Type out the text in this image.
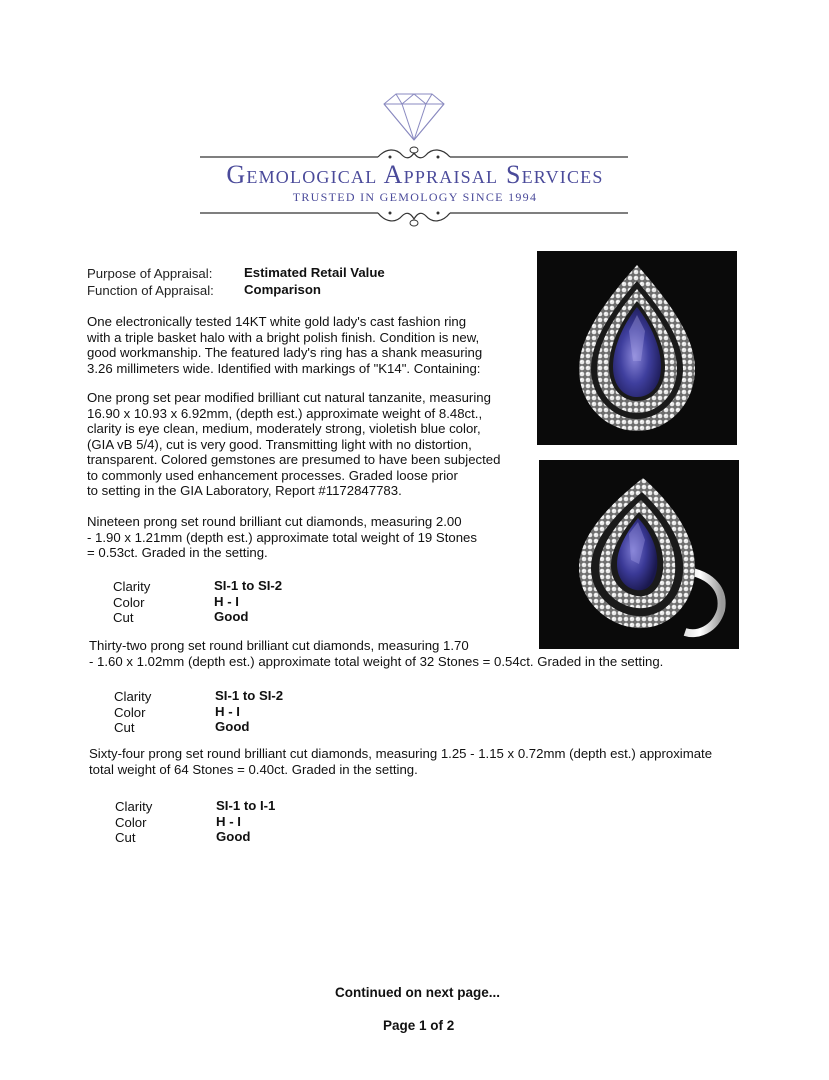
Gemological Appraisal Services
TRUSTED IN GEMOLOGY SINCE 1994
Purpose of Appraisal: Estimated Retail Value
Function of Appraisal: Comparison
One electronically tested 14KT white gold lady's cast fashion ring
with a triple basket halo with a bright polish finish. Condition is new,
good workmanship. The featured lady's ring has a shank measuring
3.26 millimeters wide. Identified with markings of "K14". Containing:
One prong set pear modified brilliant cut natural tanzanite, measuring
16.90 x 10.93 x 6.92mm, (depth est.) approximate weight of 8.48ct.,
clarity is eye clean, medium, moderately strong, violetish blue color,
(GIA vB 5/4), cut is very good. Transmitting light with no distortion,
transparent. Colored gemstones are presumed to have been subjected
to commonly used enhancement processes. Graded loose prior
to setting in the GIA Laboratory, Report #1172847783.
Nineteen prong set round brilliant cut diamonds, measuring 2.00
- 1.90 x 1.21mm (depth est.) approximate total weight of 19 Stones
= 0.53ct. Graded in the setting.
Clarity	SI-1 to SI-2
Color	H - I
Cut	Good
Thirty-two prong set round brilliant cut diamonds, measuring 1.70
- 1.60 x 1.02mm (depth est.) approximate total weight of 32 Stones = 0.54ct. Graded in the setting.
Clarity	SI-1 to SI-2
Color	H - I
Cut	Good
Sixty-four prong set round brilliant cut diamonds, measuring 1.25 - 1.15 x 0.72mm (depth est.) approximate
total weight of 64 Stones = 0.40ct. Graded in the setting.
Clarity	SI-1 to I-1
Color	H - I
Cut	Good
Continued on next page...
Page 1 of 2
